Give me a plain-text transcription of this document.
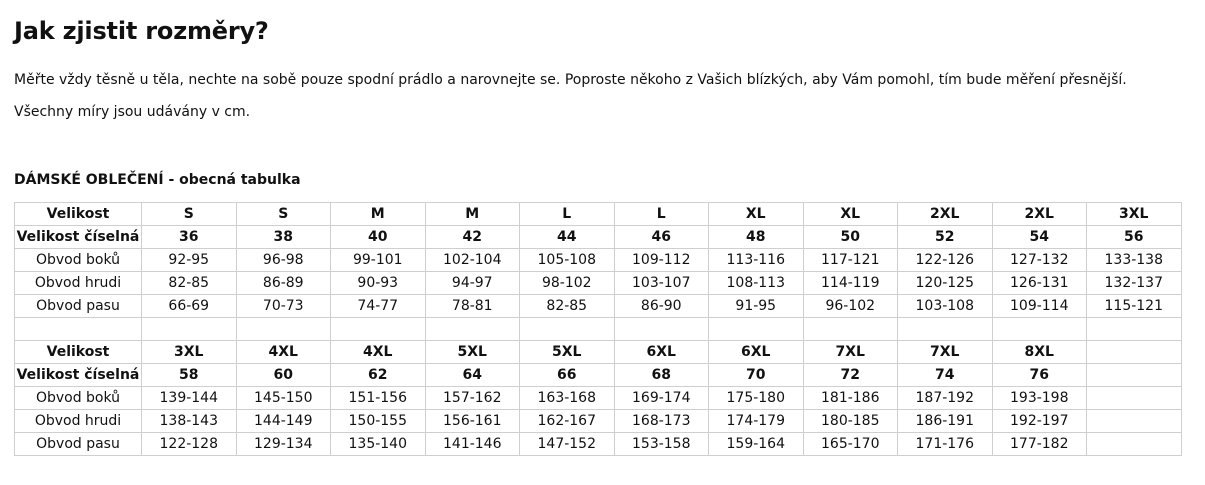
Jak zjistit rozměry?

Měřte vždy těsně u těla, nechte na sobě pouze spodní prádlo a narovnejte se. Poproste někoho z Vašich blízkých, aby Vám pomohl, tím bude měření přesnější.

Všechny míry jsou udávány v cm.

DÁMSKÉ OBLEČENÍ - obecná tabulka
Velikost	S	S	M	M	L	L	XL	XL	2XL	2XL	3XL
Velikost číselná	36	38	40	42	44	46	48	50	52	54	56
Obvod boků	92-95	96-98	99-101	102-104	105-108	109-112	113-116	117-121	122-126	127-132	133-138
Obvod hrudi	82-85	86-89	90-93	94-97	98-102	103-107	108-113	114-119	120-125	126-131	132-137
Obvod pasu	66-69	70-73	74-77	78-81	82-85	86-90	91-95	96-102	103-108	109-114	115-121

Velikost	3XL	4XL	4XL	5XL	5XL	6XL	6XL	7XL	7XL	8XL	
Velikost číselná	58	60	62	64	66	68	70	72	74	76	
Obvod boků	139-144	145-150	151-156	157-162	163-168	169-174	175-180	181-186	187-192	193-198	
Obvod hrudi	138-143	144-149	150-155	156-161	162-167	168-173	174-179	180-185	186-191	192-197	
Obvod pasu	122-128	129-134	135-140	141-146	147-152	153-158	159-164	165-170	171-176	177-182	
